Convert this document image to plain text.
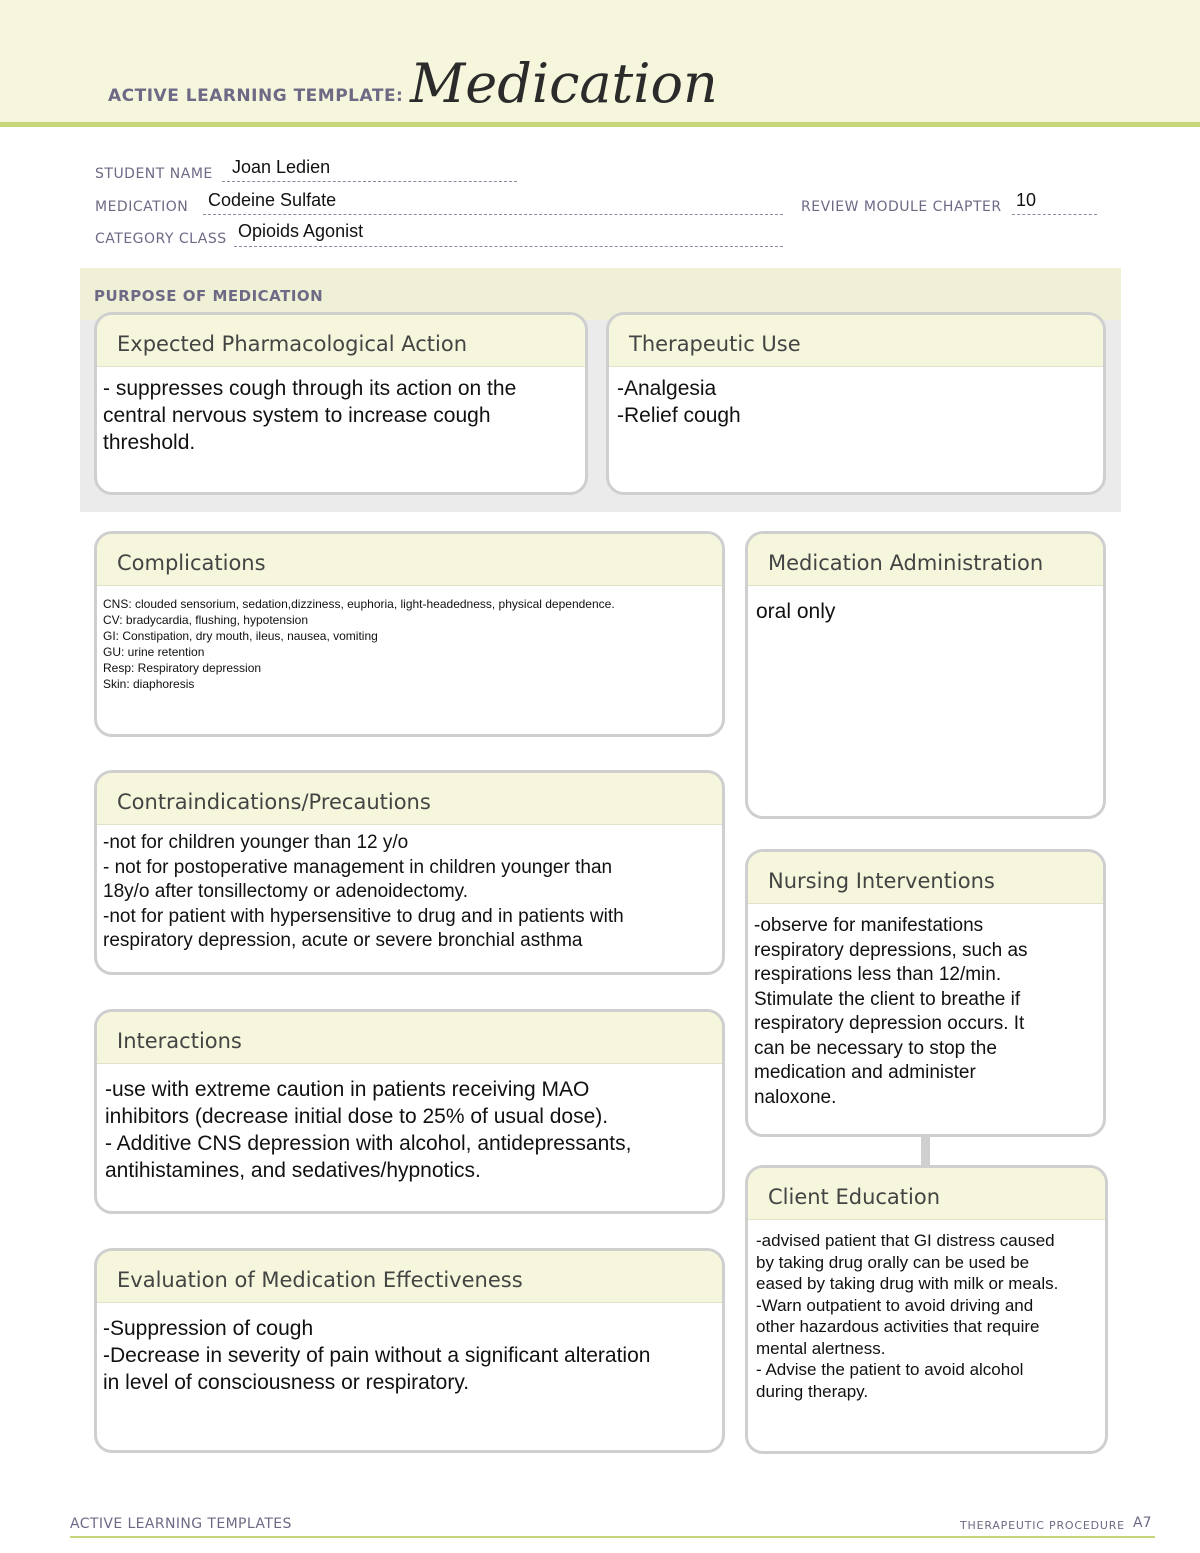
ACTIVE LEARNING TEMPLATE: Medication
STUDENT NAME Joan Ledien
MEDICATION Codeine Sulfate	REVIEW MODULE CHAPTER 10
CATEGORY CLASS Opioids Agonist
PURPOSE OF MEDICATION
Expected Pharmacological Action
- suppresses cough through its action on the
central nervous system to increase cough
threshold.
Therapeutic Use
-Analgesia
-Relief cough
Complications
CNS: clouded sensorium, sedation,dizziness, euphoria, light-headedness, physical dependence.
CV: bradycardia, flushing, hypotension
GI: Constipation, dry mouth, ileus, nausea, vomiting
GU: urine retention
Resp: Respiratory depression
Skin: diaphoresis
Contraindications/Precautions
-not for children younger than 12 y/o
- not for postoperative management in children younger than
18y/o after tonsillectomy or adenoidectomy.
-not for patient with hypersensitive to drug and in patients with
respiratory depression, acute or severe bronchial asthma
Interactions
-use with extreme caution in patients receiving MAO
inhibitors (decrease initial dose to 25% of usual dose).
- Additive CNS depression with alcohol, antidepressants,
antihistamines, and sedatives/hypnotics.
Evaluation of Medication Effectiveness
-Suppression of cough
-Decrease in severity of pain without a significant alteration
in level of consciousness or respiratory.
Medication Administration
oral only
Nursing Interventions
-observe for manifestations
respiratory depressions, such as
respirations less than 12/min.
Stimulate the client to breathe if
respiratory depression occurs. It
can be necessary to stop the
medication and administer
naloxone.
Client Education
-advised patient that GI distress caused
by taking drug orally can be used be
eased by taking drug with milk or meals.
-Warn outpatient to avoid driving and
other hazardous activities that require
mental alertness.
- Advise the patient to avoid alcohol
during therapy.
ACTIVE LEARNING TEMPLATES	THERAPEUTIC PROCEDURE A7
